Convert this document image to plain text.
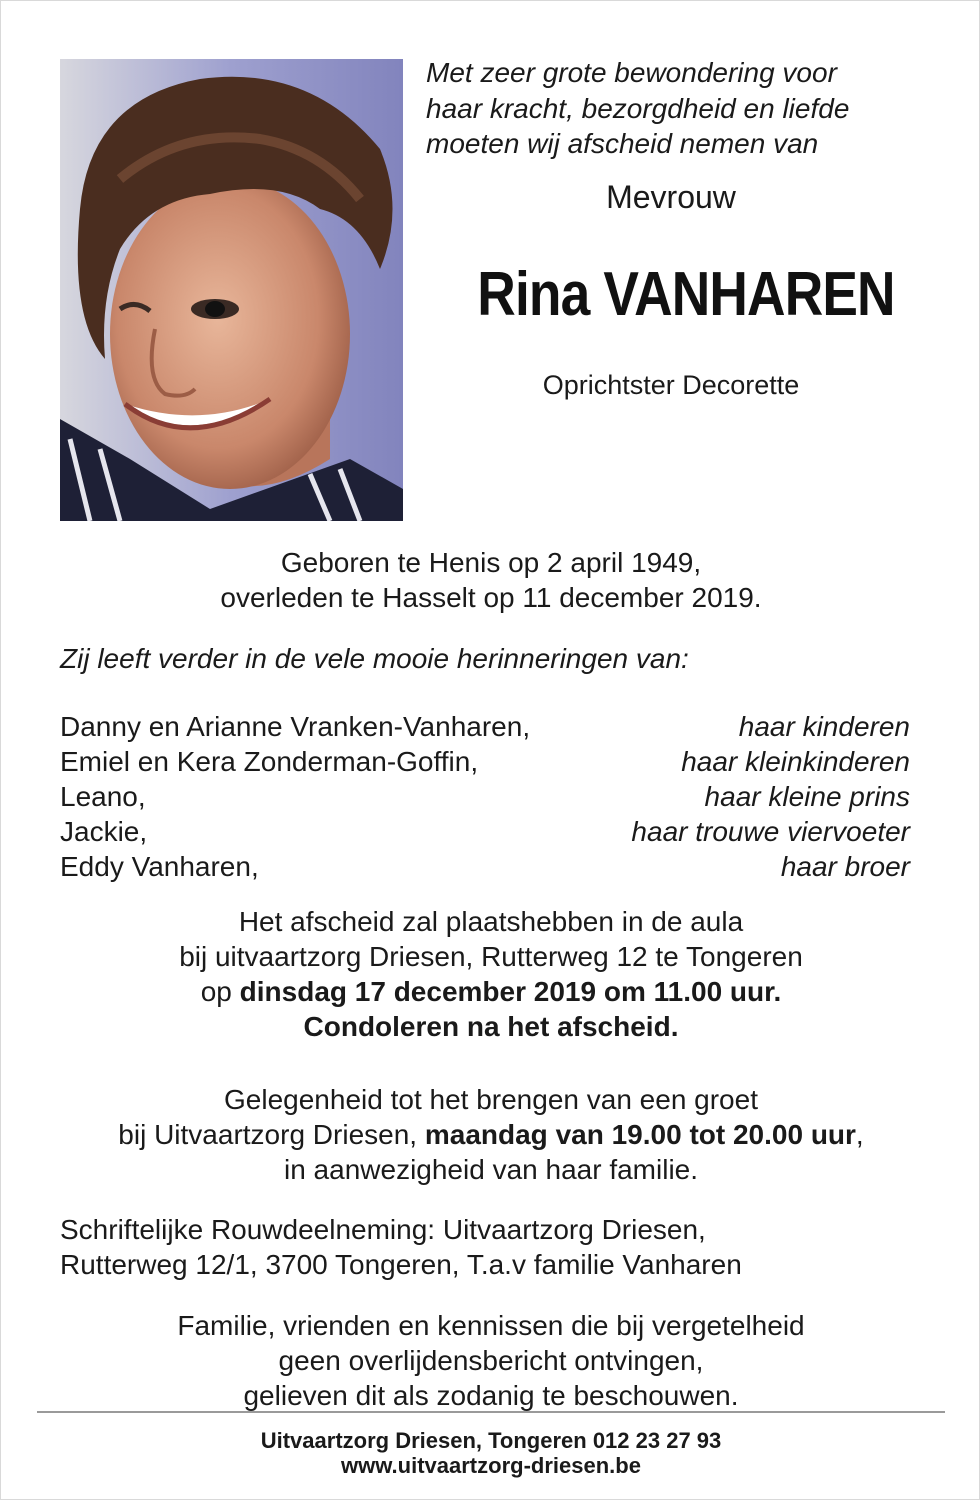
Met zeer grote bewondering voor
haar kracht, bezorgdheid en liefde
moeten wij afscheid nemen van
Mevrouw
Rina VANHAREN
Oprichtster Decorette
Geboren te Henis op 2 april 1949,
overleden te Hasselt op 11 december 2019.
Zij leeft verder in de vele mooie herinneringen van:
Danny en Arianne Vranken-Vanharen,	haar kinderen
Emiel en Kera Zonderman-Goffin,	haar kleinkinderen
Leano,	haar kleine prins
Jackie,	haar trouwe viervoeter
Eddy Vanharen,	haar broer
Het afscheid zal plaatshebben in de aula
bij uitvaartzorg Driesen, Rutterweg 12 te Tongeren
op dinsdag 17 december 2019 om 11.00 uur.
Condoleren na het afscheid.
Gelegenheid tot het brengen van een groet
bij Uitvaartzorg Driesen, maandag van 19.00 tot 20.00 uur,
in aanwezigheid van haar familie.
Schriftelijke Rouwdeelneming: Uitvaartzorg Driesen,
Rutterweg 12/1, 3700 Tongeren, T.a.v familie Vanharen
Familie, vrienden en kennissen die bij vergetelheid
geen overlijdensbericht ontvingen,
gelieven dit als zodanig te beschouwen.
Uitvaartzorg Driesen, Tongeren 012 23 27 93
www.uitvaartzorg-driesen.be
